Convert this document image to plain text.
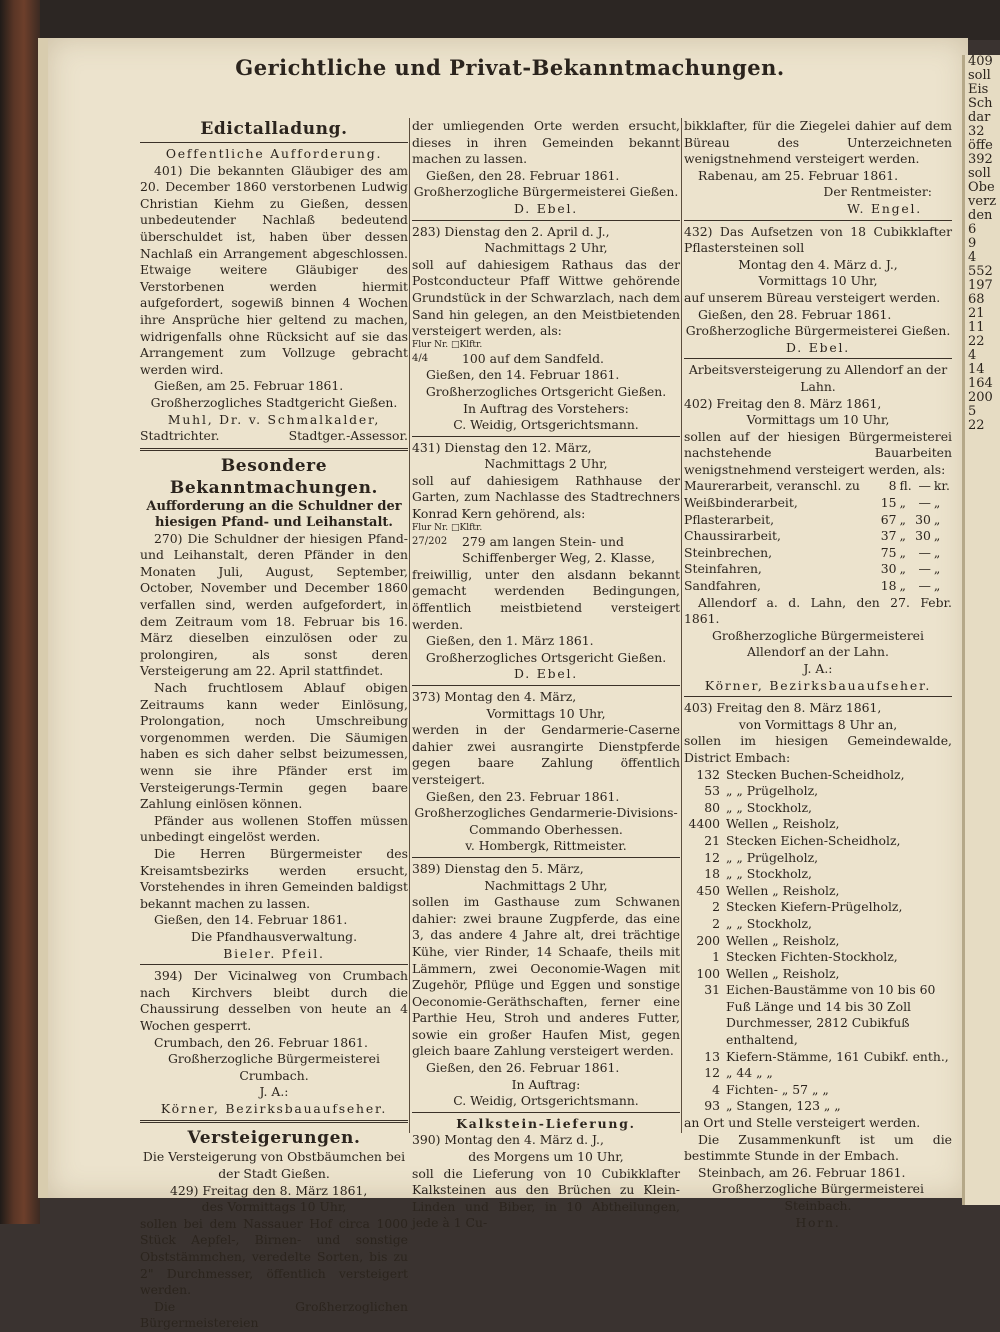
409
soll
Eis
Sch
dar
32
öffe
392
soll
Obe
verz
den
6
9
4
552
197
68
21
11
22
4
14
164
200
5
22
Gerichtliche und Privat-Bekanntmachungen.
Edictalladung.
Oeffentliche Aufforderung.

401) Die bekannten Gläubiger des am 20. December 1860 verstorbenen Ludwig Christian Kiehm zu Gießen, dessen unbedeutender Nachlaß bedeutend überschuldet ist, haben über dessen Nachlaß ein Arrangement abgeschlossen. Etwaige weitere Gläubiger des Verstorbenen werden hiermit aufgefordert, sogewiß binnen 4 Wochen ihre Ansprüche hier geltend zu machen, widrigenfalls ohne Rücksicht auf sie das Arrangement zum Vollzuge gebracht werden wird.

Gießen, am 25. Februar 1861.

Großherzogliches Stadtgericht Gießen.
Muhl, Dr. v. Schmalkalder,
Stadtrichter.	Stadtger.-Assessor.
Besondere Bekanntmachungen.
Aufforderung an die Schuldner der hiesigen Pfand- und Leihanstalt.

270) Die Schuldner der hiesigen Pfand- und Leihanstalt, deren Pfänder in den Monaten Juli, August, September, October, November und December 1860 verfallen sind, werden aufgefordert, in dem Zeitraum vom 18. Februar bis 16. März dieselben einzulösen oder zu prolongiren, als sonst deren Versteigerung am 22. April stattfindet.

Nach fruchtlosem Ablauf obigen Zeitraums kann weder Einlösung, Prolongation, noch Umschreibung vorgenommen werden. Die Säumigen haben es sich daher selbst beizumessen, wenn sie ihre Pfänder erst im Versteigerungs-Termin gegen baare Zahlung einlösen können.

Pfänder aus wollenen Stoffen müssen unbedingt eingelöst werden.

Die Herren Bürgermeister des Kreisamtsbezirks werden ersucht, Vorstehendes in ihren Gemeinden baldigst bekannt machen zu lassen.

Gießen, den 14. Februar 1861.

Die Pfandhausverwaltung.
Bieler. Pfeil.

394) Der Vicinalweg von Crumbach nach Kirchvers bleibt durch die Chaussirung desselben von heute an 4 Wochen gesperrt.

Crumbach, den 26. Februar 1861.

Großherzogliche Bürgermeisterei Crumbach.
J. A.:
Körner, Bezirksbauaufseher.
Versteigerungen.
Die Versteigerung von Obstbäumchen bei der Stadt Gießen.
429) Freitag den 8. März 1861,
des Vormittags 10 Uhr,

sollen bei dem Nassauer Hof circa 1000 Stück Aepfel-, Birnen- und sonstige Obststämmchen, veredelte Sorten, bis zu 2" Durchmesser, öffentlich versteigert werden.

Die Großherzoglichen Bürgermeistereien

der umliegenden Orte werden ersucht, dieses in ihren Gemeinden bekannt machen zu lassen.

Gießen, den 28. Februar 1861.

Großherzogliche Bürgermeisterei Gießen.
D. Ebel.
283) Dienstag den 2. April d. J.,
Nachmittags 2 Uhr,

soll auf dahiesigem Rathaus das der Postconducteur Pfaff Wittwe gehörende Grundstück in der Schwarzlach, nach dem Sand hin gelegen, an den Meistbietenden versteigert werden, als:

Flur Nr. □Klftr.
4/4	100 auf dem Sandfeld.

Gießen, den 14. Februar 1861.

Großherzogliches Ortsgericht Gießen.
In Auftrag des Vorstehers:
C. Weidig, Ortsgerichtsmann.
431) Dienstag den 12. März,
Nachmittags 2 Uhr,

soll auf dahiesigem Rathhause der Garten, zum Nachlasse des Stadtrechners Konrad Kern gehörend, als:

Flur Nr. □Klftr.
27/202	279 am langen Stein- und Schiffenberger Weg, 2. Klasse,

freiwillig, unter den alsdann bekannt gemacht werdenden Bedingungen, öffentlich meistbietend versteigert werden.

Gießen, den 1. März 1861.

Großherzogliches Ortsgericht Gießen.
D. Ebel.
373) Montag den 4. März,
Vormittags 10 Uhr,

werden in der Gendarmerie-Caserne dahier zwei ausrangirte Dienstpferde gegen baare Zahlung öffentlich versteigert.

Gießen, den 23. Februar 1861.

Großherzogliches Gendarmerie-Divisions-Commando Oberhessen.
v. Hombergk, Rittmeister.
389) Dienstag den 5. März,
Nachmittags 2 Uhr,

sollen im Gasthause zum Schwanen dahier: zwei braune Zugpferde, das eine 3, das andere 4 Jahre alt, drei trächtige Kühe, vier Rinder, 14 Schaafe, theils mit Lämmern, zwei Oeconomie-Wagen mit Zugehör, Pflüge und Eggen und sonstige Oeconomie-Geräthschaften, ferner eine Parthie Heu, Stroh und anderes Futter, sowie ein großer Haufen Mist, gegen gleich baare Zahlung versteigert werden.

Gießen, den 26. Februar 1861.

In Auftrag:
C. Weidig, Ortsgerichtsmann.
Kalkstein-Lieferung.
390) Montag den 4. März d. J.,
des Morgens um 10 Uhr,

soll die Lieferung von 10 Cubikklafter Kalksteinen aus den Brüchen zu Klein-Linden und Biber, in 10 Abtheilungen, jede à 1 Cu-

bikklafter, für die Ziegelei dahier auf dem Büreau des Unterzeichneten wenigstnehmend versteigert werden.

Rabenau, am 25. Februar 1861.

Der Rentmeister:
W. Engel.

432) Das Aufsetzen von 18 Cubikklafter Pflastersteinen soll

Montag den 4. März d. J.,
Vormittags 10 Uhr,

auf unserem Büreau versteigert werden.

Gießen, den 28. Februar 1861.

Großherzogliche Bürgermeisterei Gießen.
D. Ebel.
Arbeitsversteigerung zu Allendorf an der Lahn.
402) Freitag den 8. März 1861,
Vormittags um 10 Uhr,

sollen auf der hiesigen Bürgermeisterei nachstehende Bauarbeiten wenigstnehmend versteigert werden, als:

Maurerarbeit, veranschl. zu	8	fl.	—	kr.
Weißbinderarbeit,	15	„	—	„
Pflasterarbeit,	67	„	30	„
Chaussirarbeit,	37	„	30	„
Steinbrechen,	75	„	—	„
Steinfahren,	30	„	—	„
Sandfahren,	18	„	—	„

Allendorf a. d. Lahn, den 27. Febr. 1861.

Großherzogliche Bürgermeisterei Allendorf an der Lahn.
J. A.:
Körner, Bezirksbauaufseher.
403) Freitag den 8. März 1861,
von Vormittags 8 Uhr an,

sollen im hiesigen Gemeindewalde, District Embach:

132	Stecken Buchen-Scheidholz,
53	„ „ Prügelholz,
80	„ „ Stockholz,
4400	Wellen „ Reisholz,
21	Stecken Eichen-Scheidholz,
12	„ „ Prügelholz,
18	„ „ Stockholz,
450	Wellen „ Reisholz,
2	Stecken Kiefern-Prügelholz,
2	„ „ Stockholz,
200	Wellen „ Reisholz,
1	Stecken Fichten-Stockholz,
100	Wellen „ Reisholz,
31	Eichen-Baustämme von 10 bis 60 Fuß Länge und 14 bis 30 Zoll Durchmesser, 2812 Cubikfuß enthaltend,
13	Kiefern-Stämme, 161 Cubikf. enth.,
12	„ 44 „ „
4	Fichten- „ 57 „ „
93	„ Stangen, 123 „ „

an Ort und Stelle versteigert werden.

Die Zusammenkunft ist um die bestimmte Stunde in der Embach.

Steinbach, am 26. Februar 1861.

Großherzogliche Bürgermeisterei Steinbach.
Horn.
